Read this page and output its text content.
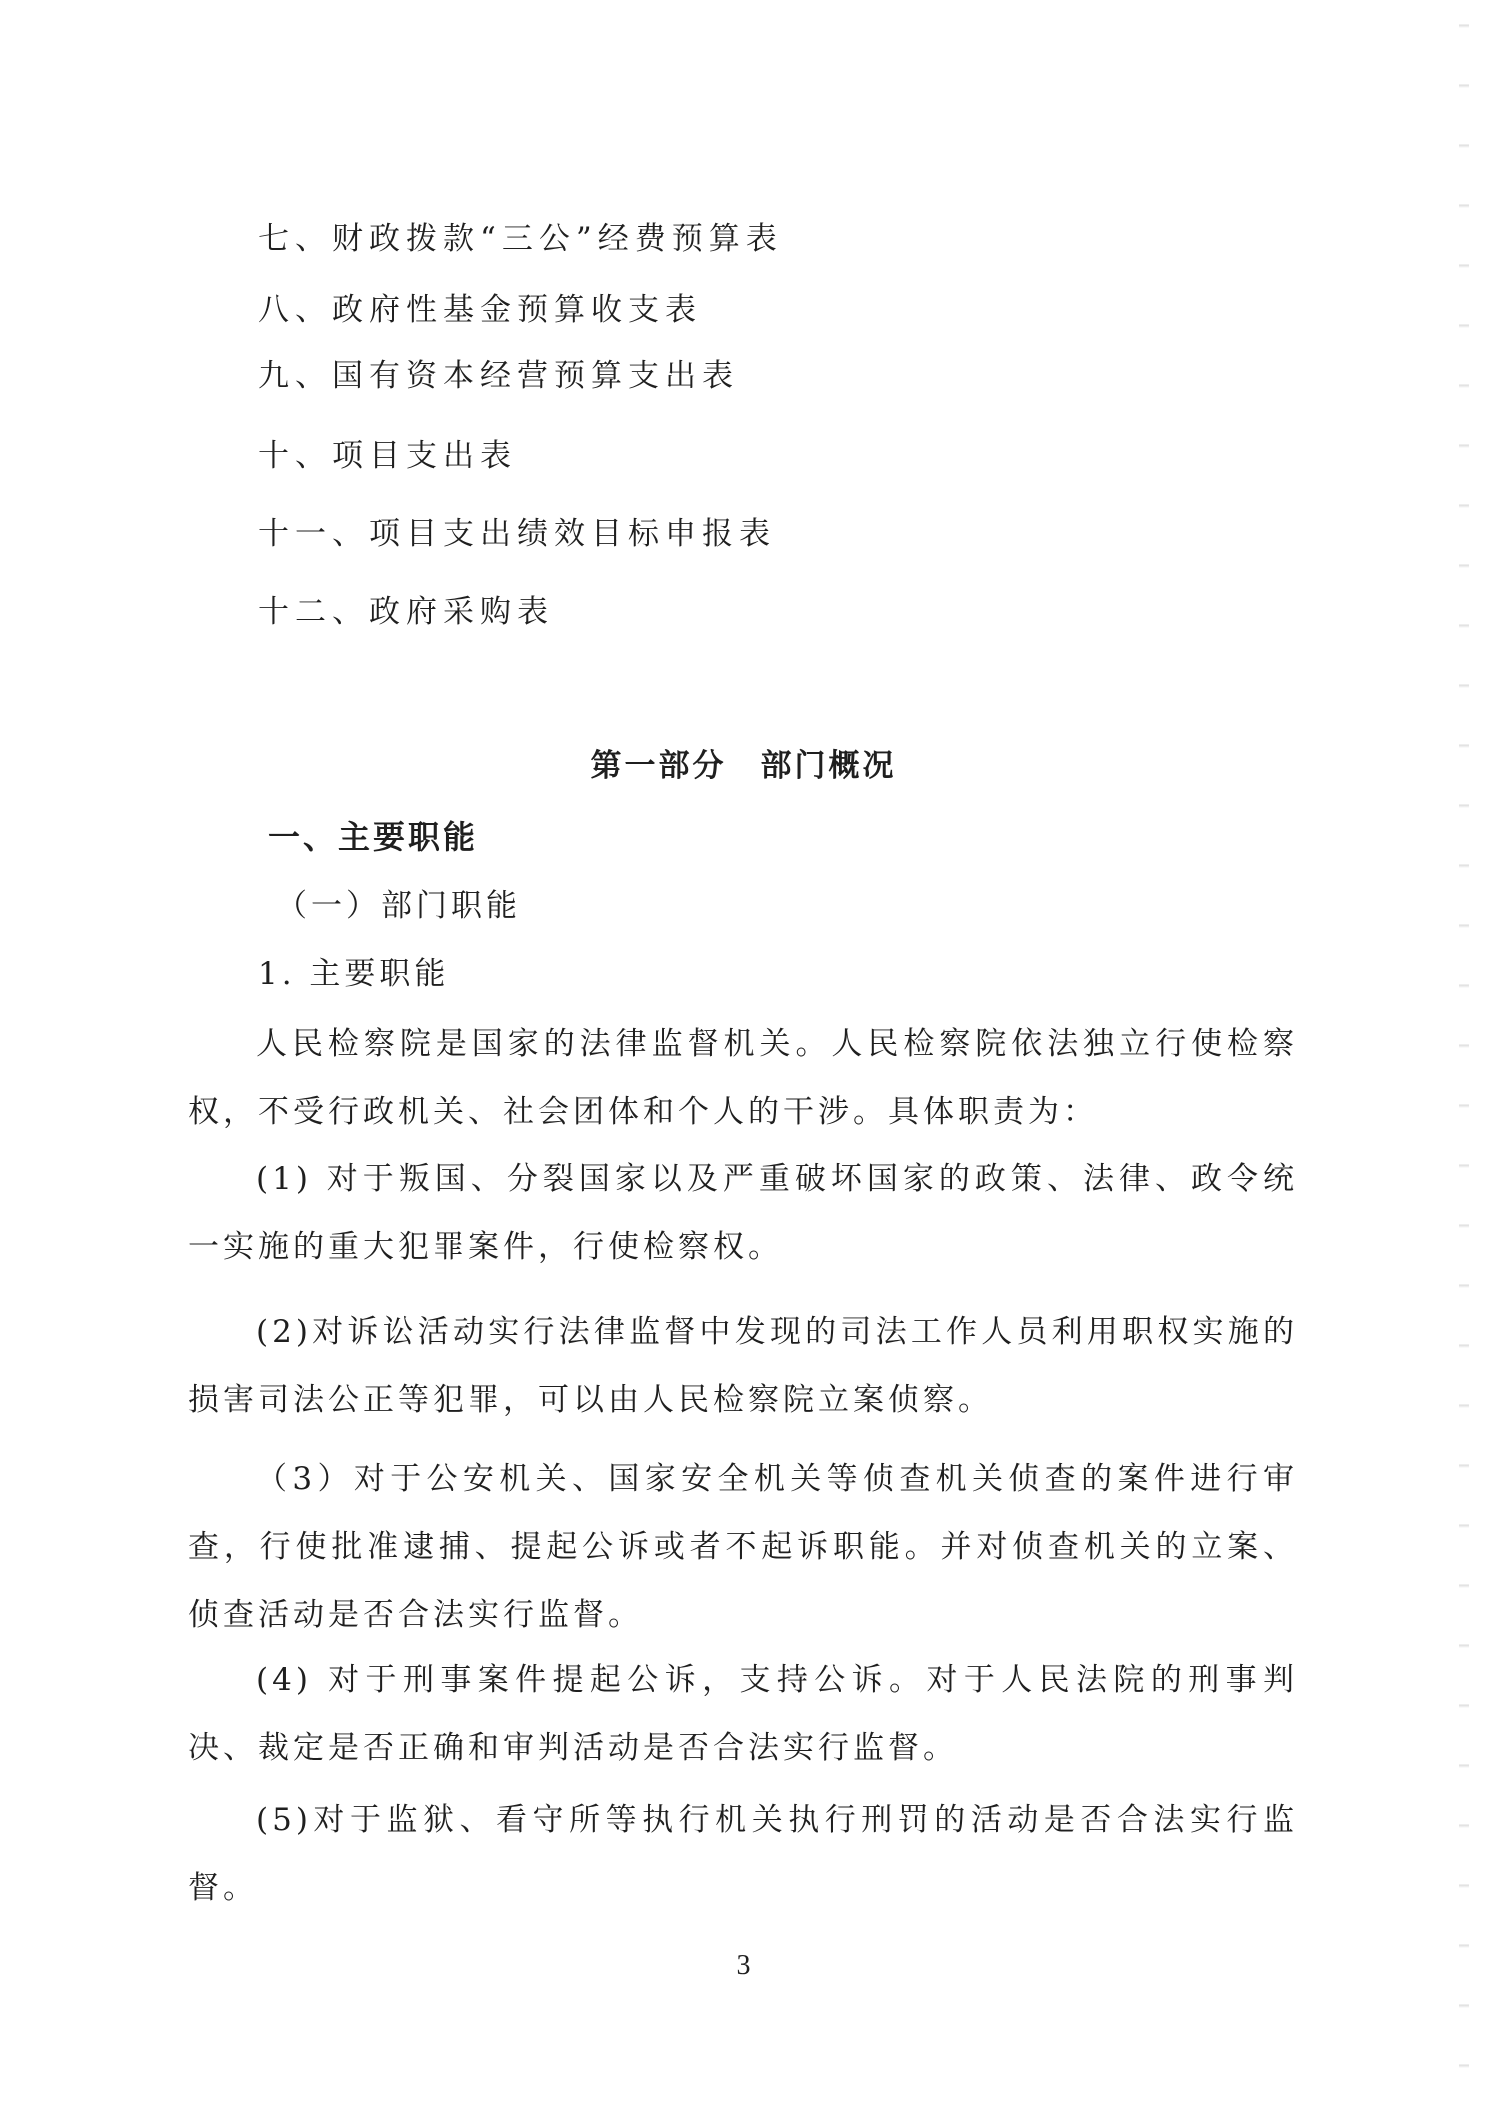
七、财政拨款“三公”经费预算表
八、政府性基金预算收支表
九、国有资本经营预算支出表
十、项目支出表
十一、项目支出绩效目标申报表
十二、政府采购表
第一部分　部门概况
一、主要职能
（一）部门职能
1. 主要职能

人民检察院是国家的法律监督机关。人民检察院依法独立行使检察权，不受行政机关、社会团体和个人的干涉。具体职责为：

(1) 对于叛国、分裂国家以及严重破坏国家的政策、法律、政令统一实施的重大犯罪案件，行使检察权。

(2)对诉讼活动实行法律监督中发现的司法工作人员利用职权实施的损害司法公正等犯罪，可以由人民检察院立案侦察。

（3）对于公安机关、国家安全机关等侦查机关侦查的案件进行审查，行使批准逮捕、提起公诉或者不起诉职能。并对侦查机关的立案、侦查活动是否合法实行监督。

(4) 对于刑事案件提起公诉，支持公诉。对于人民法院的刑事判决、裁定是否正确和审判活动是否合法实行监督。

(5)对于监狱、看守所等执行机关执行刑罚的活动是否合法实行监督。

3
